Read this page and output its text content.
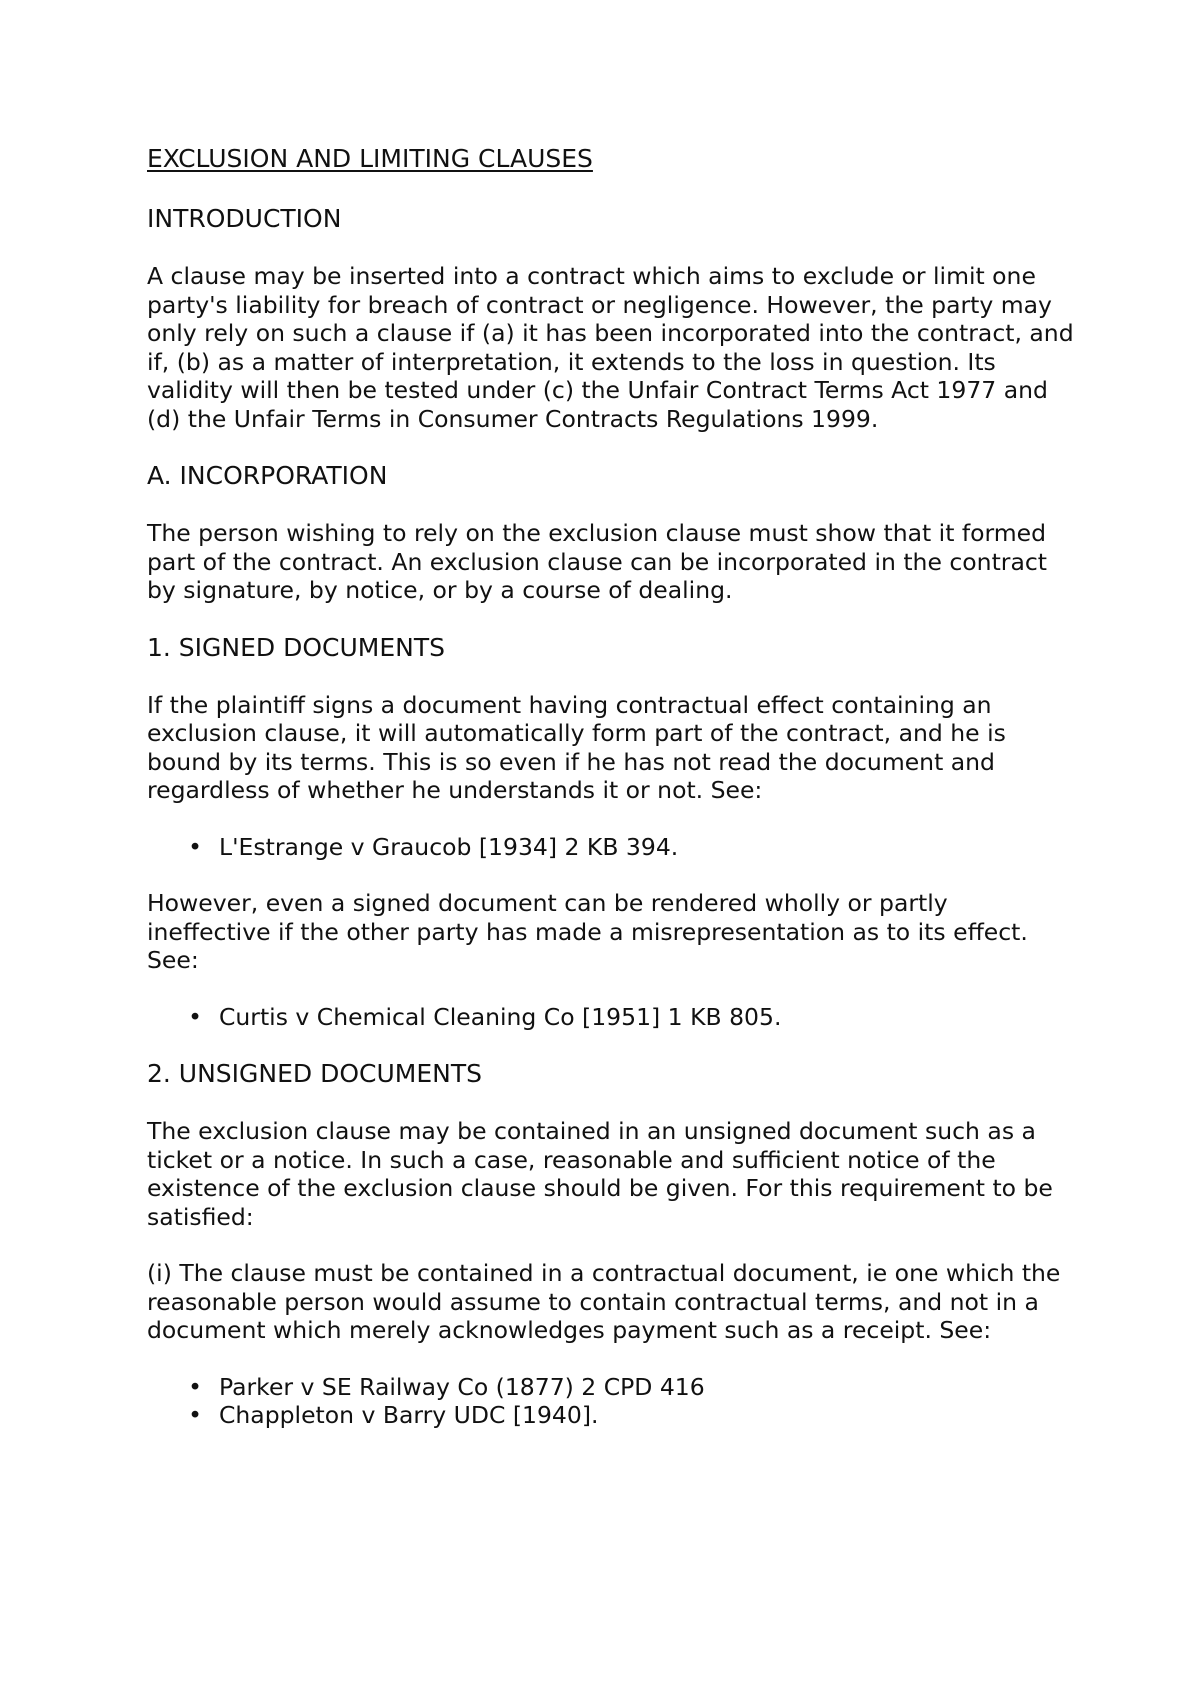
EXCLUSION AND LIMITING CLAUSES
INTRODUCTION

A clause may be inserted into a contract which aims to exclude or limit one party's liability for breach of contract or negligence. However, the party may only rely on such a clause if (a) it has been incorporated into the contract, and if, (b) as a matter of interpretation, it extends to the loss in question. Its validity will then be tested under (c) the Unfair Contract Terms Act 1977 and (d) the Unfair Terms in Consumer Contracts Regulations 1999.

A. INCORPORATION

The person wishing to rely on the exclusion clause must show that it formed part of the contract. An exclusion clause can be incorporated in the contract by signature, by notice, or by a course of dealing.

1. SIGNED DOCUMENTS

If the plaintiff signs a document having contractual effect containing an exclusion clause, it will automatically form part of the contract, and he is bound by its terms. This is so even if he has not read the document and regardless of whether he understands it or not. See:

• L'Estrange v Graucob [1934] 2 KB 394.

However, even a signed document can be rendered wholly or partly ineffective if the other party has made a misrepresentation as to its effect. See:

• Curtis v Chemical Cleaning Co [1951] 1 KB 805.
2. UNSIGNED DOCUMENTS

The exclusion clause may be contained in an unsigned document such as a ticket or a notice. In such a case, reasonable and sufficient notice of the existence of the exclusion clause should be given. For this requirement to be satisfied:

(i) The clause must be contained in a contractual document, ie one which the reasonable person would assume to contain contractual terms, and not in a document which merely acknowledges payment such as a receipt. See:

• Parker v SE Railway Co (1877) 2 CPD 416
• Chappleton v Barry UDC [1940].
